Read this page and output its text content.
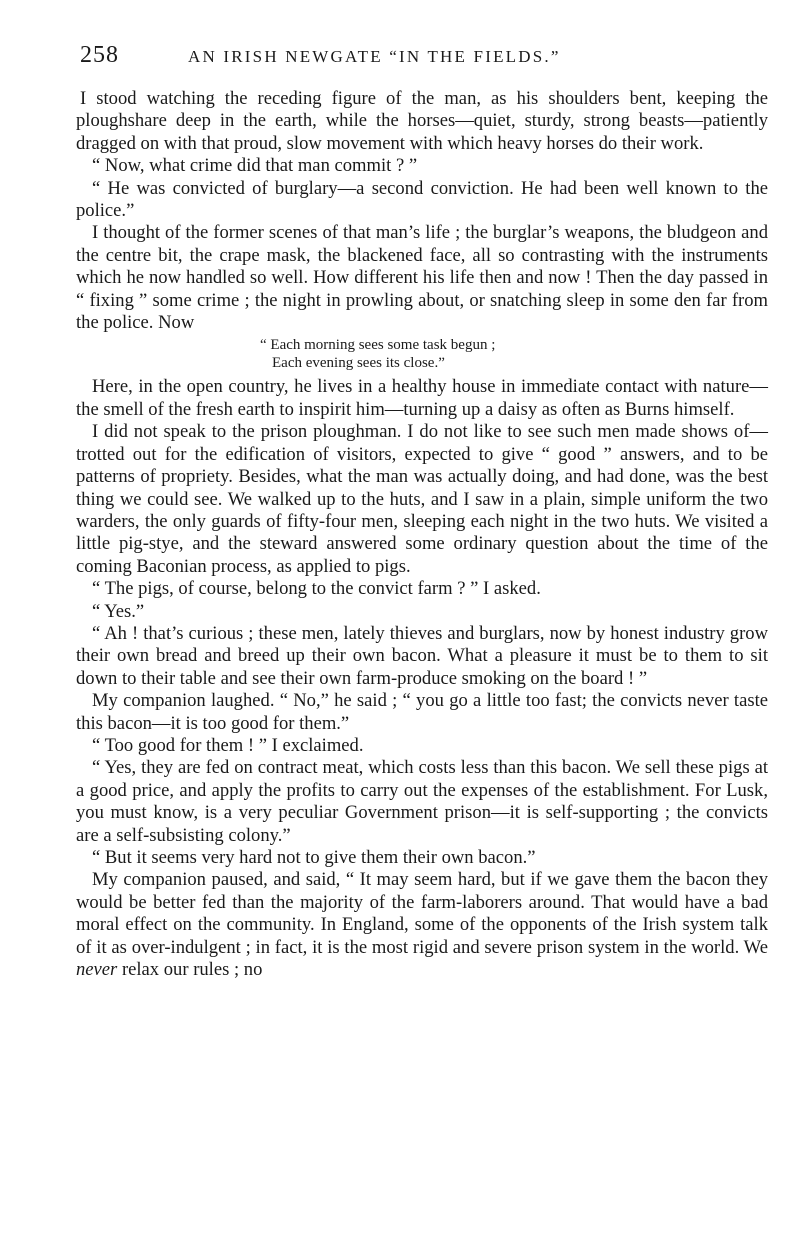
258	AN IRISH NEWGATE “IN THE FIELDS.”

I stood watching the receding figure of the man, as his shoulders bent, keeping the ploughshare deep in the earth, while the horses—quiet, sturdy, strong beasts—patiently dragged on with that proud, slow movement with which heavy horses do their work.

“ Now, what crime did that man commit ? ”

“ He was convicted of burglary—a second conviction. He had been well known to the police.”

I thought of the former scenes of that man’s life ; the burglar’s weapons, the bludgeon and the centre bit, the crape mask, the blackened face, all so contrasting with the instruments which he now handled so well. How different his life then and now ! Then the day passed in “ fixing ” some crime ; the night in prowling about, or snatching sleep in some den far from the police. Now

“ Each morning sees some task begun ;
Each evening sees its close.”

Here, in the open country, he lives in a healthy house in immediate contact with nature—the smell of the fresh earth to inspirit him—turning up a daisy as often as Burns himself.

I did not speak to the prison ploughman. I do not like to see such men made shows of—trotted out for the edification of visitors, expected to give “ good ” answers, and to be patterns of propriety. Besides, what the man was actually doing, and had done, was the best thing we could see. We walked up to the huts, and I saw in a plain, simple uniform the two warders, the only guards of fifty-four men, sleeping each night in the two huts. We visited a little pig-stye, and the steward answered some ordinary question about the time of the coming Baconian process, as applied to pigs.

“ The pigs, of course, belong to the convict farm ? ” I asked.

“ Yes.”

“ Ah ! that’s curious ; these men, lately thieves and burglars, now by honest industry grow their own bread and breed up their own bacon. What a pleasure it must be to them to sit down to their table and see their own farm-produce smoking on the board ! ”

My companion laughed. “ No,” he said ; “ you go a little too fast; the convicts never taste this bacon—it is too good for them.”

“ Too good for them ! ” I exclaimed.

“ Yes, they are fed on contract meat, which costs less than this bacon. We sell these pigs at a good price, and apply the profits to carry out the expenses of the establishment. For Lusk, you must know, is a very peculiar Government prison—it is self-supporting ; the convicts are a self-subsisting colony.”

“ But it seems very hard not to give them their own bacon.”

My companion paused, and said, “ It may seem hard, but if we gave them the bacon they would be better fed than the majority of the farm-laborers around. That would have a bad moral effect on the community. In England, some of the opponents of the Irish system talk of it as over-indulgent ; in fact, it is the most rigid and severe prison system in the world. We never relax our rules ; no
